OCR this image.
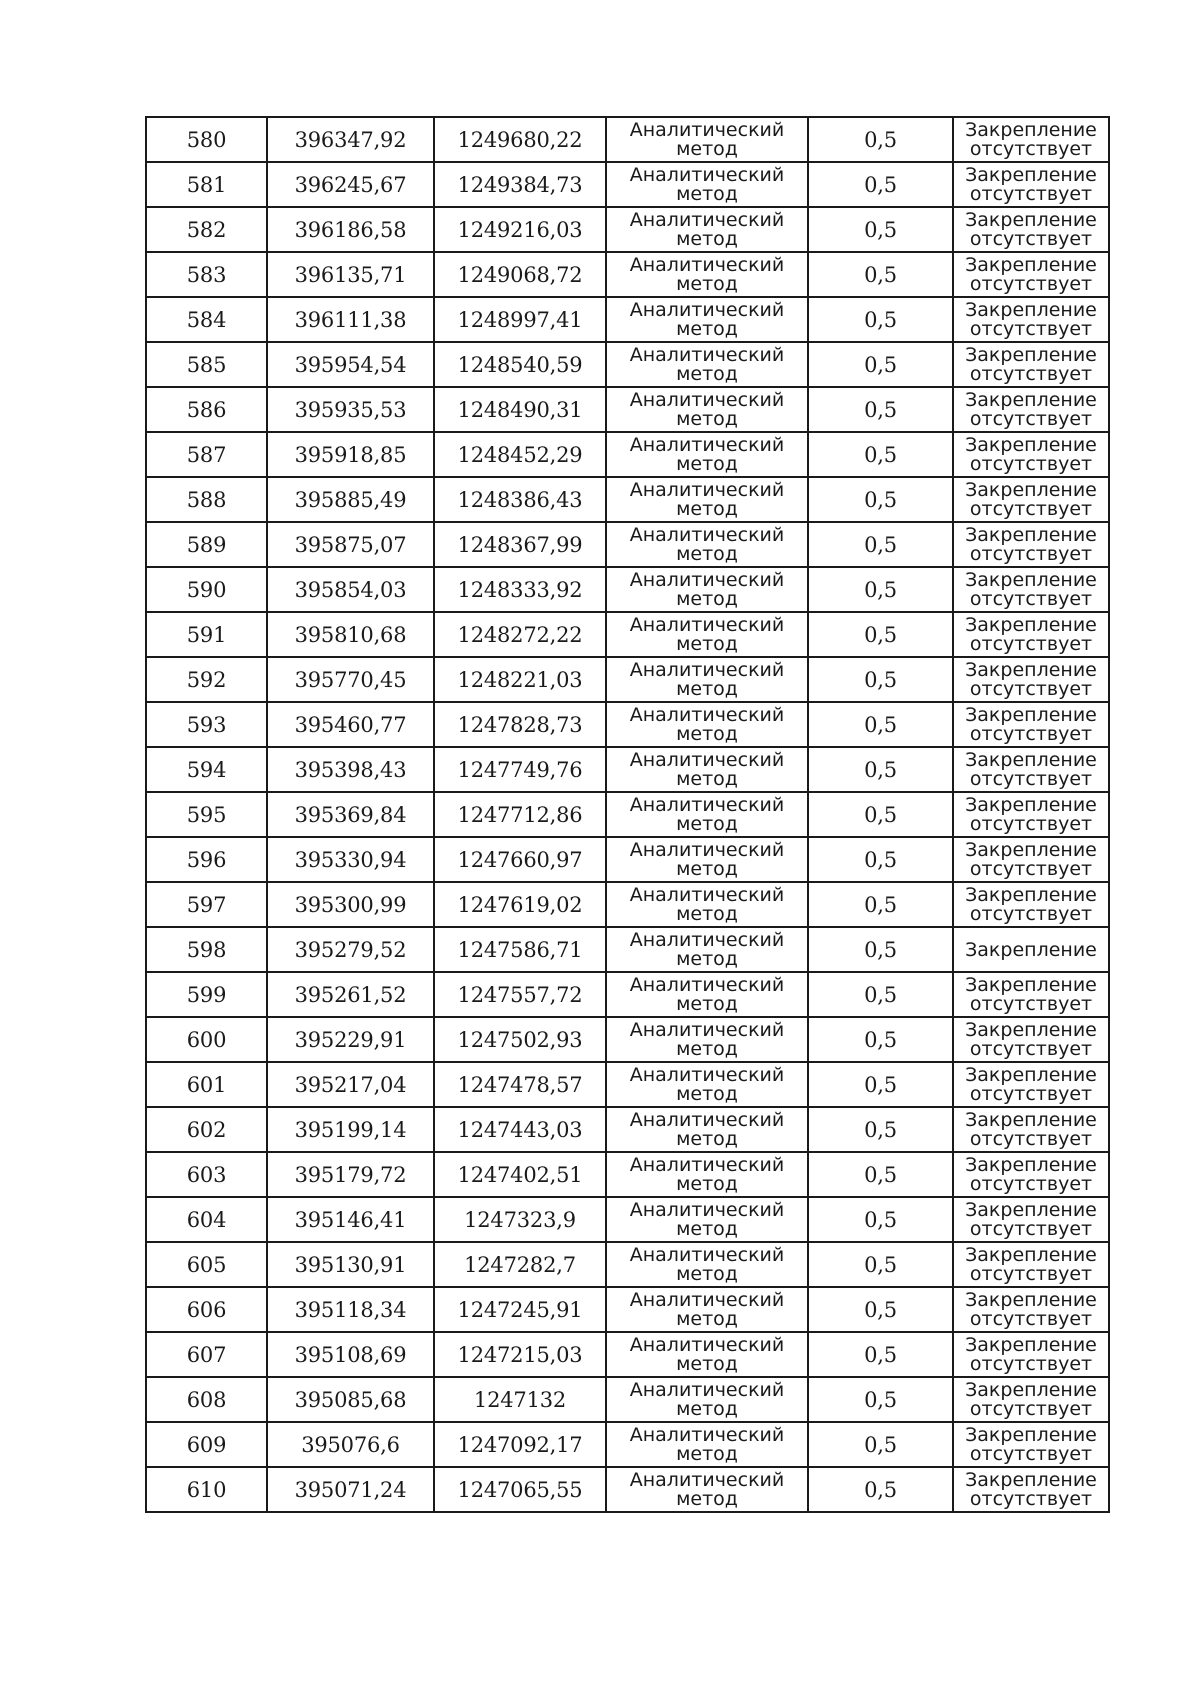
580	396347,92	1249680,22	Аналитический
метод	0,5	Закрепление
отсутствует

581	396245,67	1249384,73	Аналитический
метод	0,5	Закрепление
отсутствует

582	396186,58	1249216,03	Аналитический
метод	0,5	Закрепление
отсутствует

583	396135,71	1249068,72	Аналитический
метод	0,5	Закрепление
отсутствует

584	396111,38	1248997,41	Аналитический
метод	0,5	Закрепление
отсутствует

585	395954,54	1248540,59	Аналитический
метод	0,5	Закрепление
отсутствует

586	395935,53	1248490,31	Аналитический
метод	0,5	Закрепление
отсутствует

587	395918,85	1248452,29	Аналитический
метод	0,5	Закрепление
отсутствует

588	395885,49	1248386,43	Аналитический
метод	0,5	Закрепление
отсутствует

589	395875,07	1248367,99	Аналитический
метод	0,5	Закрепление
отсутствует

590	395854,03	1248333,92	Аналитический
метод	0,5	Закрепление
отсутствует

591	395810,68	1248272,22	Аналитический
метод	0,5	Закрепление
отсутствует

592	395770,45	1248221,03	Аналитический
метод	0,5	Закрепление
отсутствует

593	395460,77	1247828,73	Аналитический
метод	0,5	Закрепление
отсутствует

594	395398,43	1247749,76	Аналитический
метод	0,5	Закрепление
отсутствует

595	395369,84	1247712,86	Аналитический
метод	0,5	Закрепление
отсутствует

596	395330,94	1247660,97	Аналитический
метод	0,5	Закрепление
отсутствует

597	395300,99	1247619,02	Аналитический
метод	0,5	Закрепление
отсутствует

598	395279,52	1247586,71	Аналитический
метод	0,5	Закрепление
599	395261,52	1247557,72	Аналитический
метод	0,5	Закрепление
отсутствует

600	395229,91	1247502,93	Аналитический
метод	0,5	Закрепление
отсутствует

601	395217,04	1247478,57	Аналитический
метод	0,5	Закрепление
отсутствует

602	395199,14	1247443,03	Аналитический
метод	0,5	Закрепление
отсутствует

603	395179,72	1247402,51	Аналитический
метод	0,5	Закрепление
отсутствует

604	395146,41	1247323,9	Аналитический
метод	0,5	Закрепление
отсутствует

605	395130,91	1247282,7	Аналитический
метод	0,5	Закрепление
отсутствует

606	395118,34	1247245,91	Аналитический
метод	0,5	Закрепление
отсутствует

607	395108,69	1247215,03	Аналитический
метод	0,5	Закрепление
отсутствует

608	395085,68	1247132	Аналитический
метод	0,5	Закрепление
отсутствует

609	395076,6	1247092,17	Аналитический
метод	0,5	Закрепление
отсутствует

610	395071,24	1247065,55	Аналитический
метод	0,5	Закрепление
отсутствует
